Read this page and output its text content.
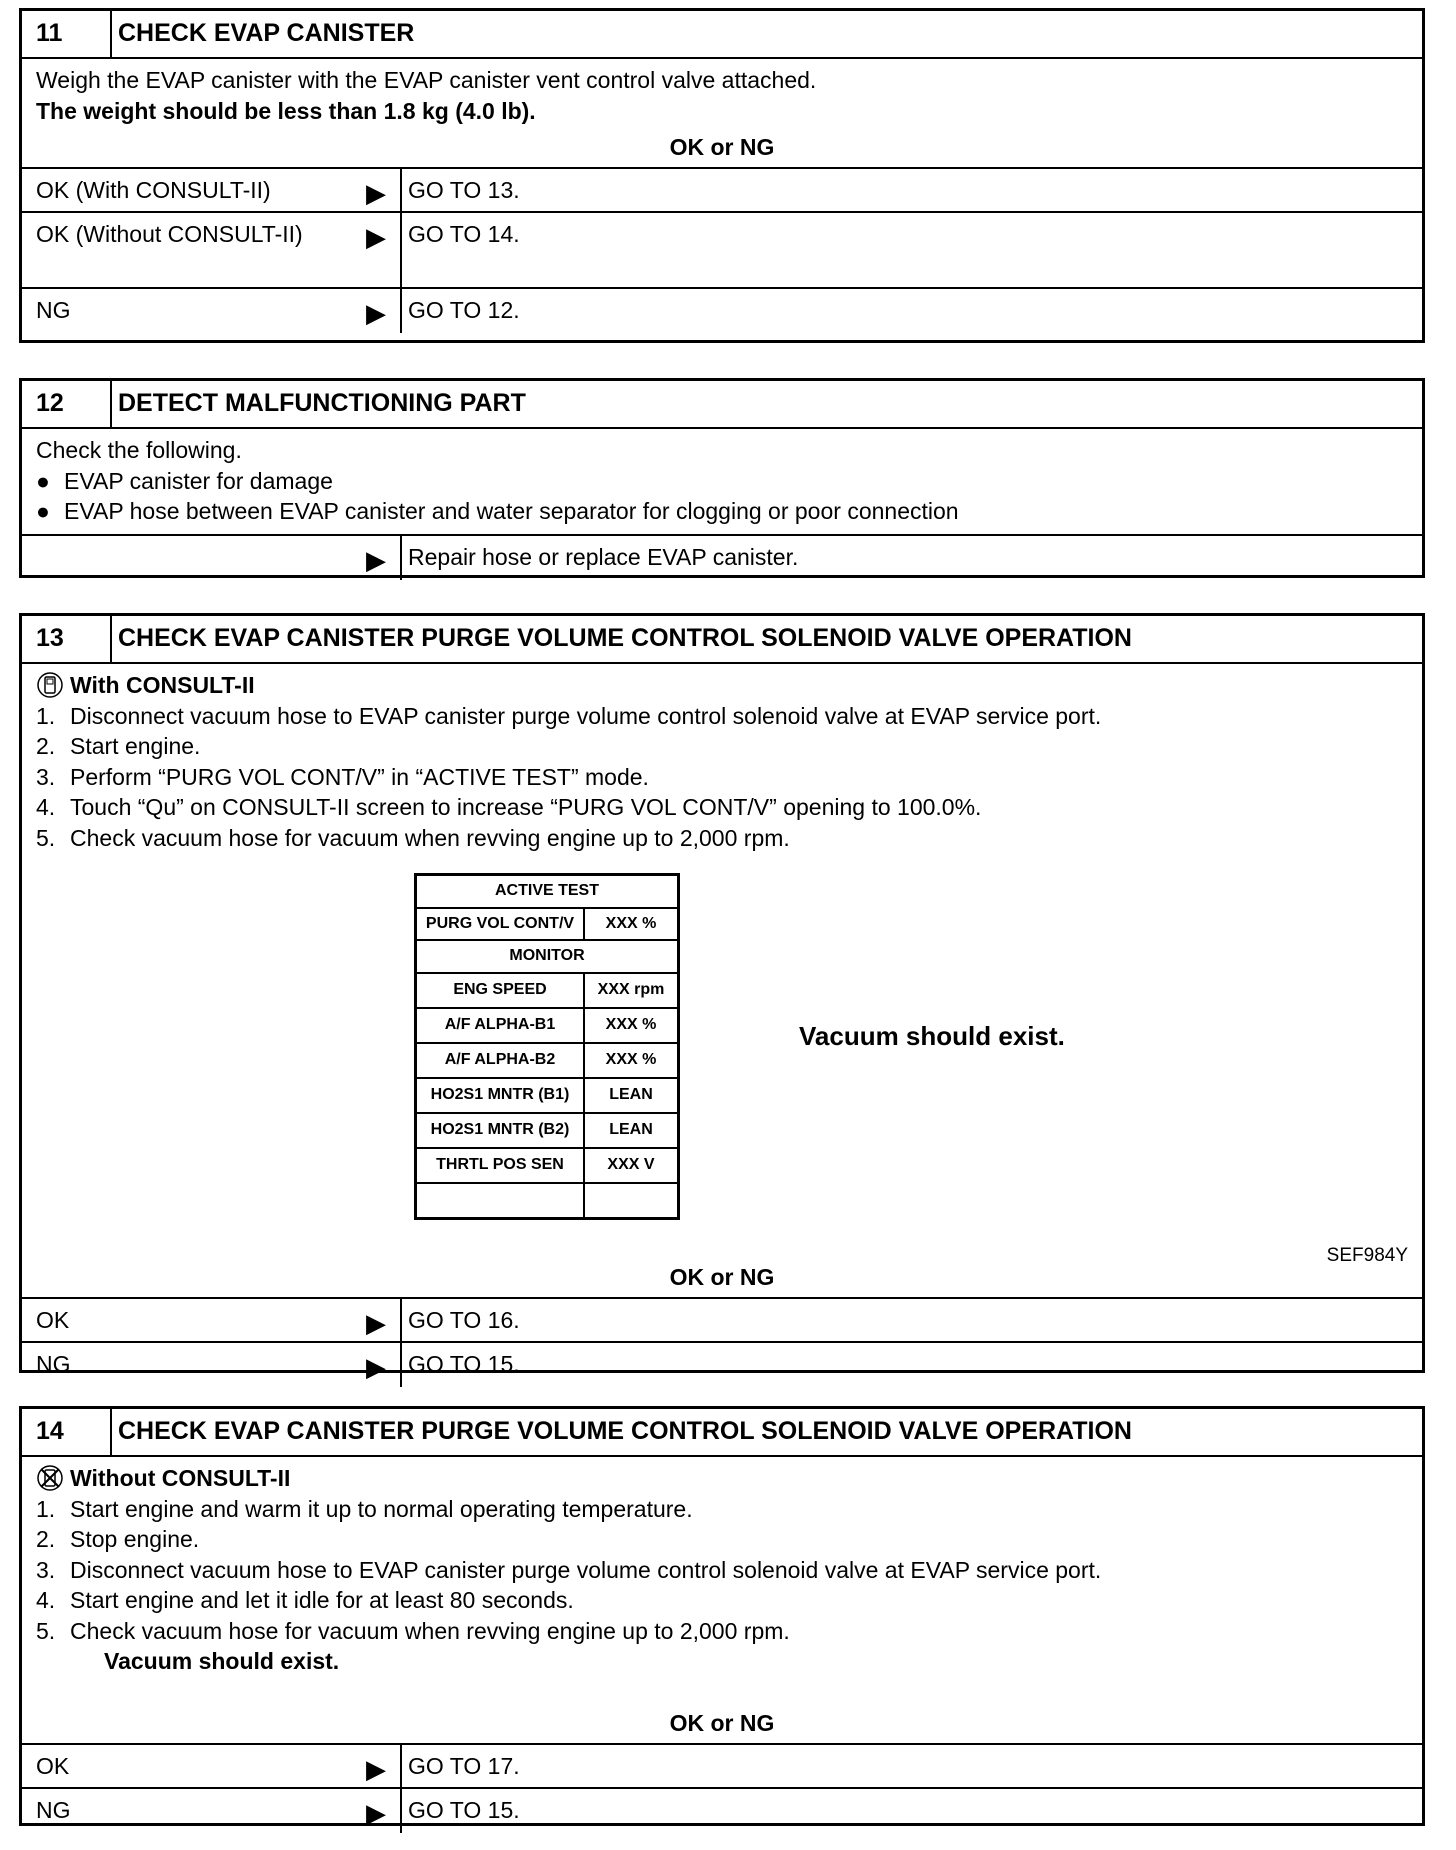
11	CHECK EVAP CANISTER
Weigh the EVAP canister with the EVAP canister vent control valve attached.
The weight should be less than 1.8 kg (4.0 lb).
OK or NG
OK (With CONSULT-II)	▶ GO TO 13.
OK (Without CONSULT-II)	▶ GO TO 14.
NG	▶ GO TO 12.
12	DETECT MALFUNCTIONING PART
Check the following.
● EVAP canister for damage
● EVAP hose between EVAP canister and water separator for clogging or poor connection
▶ Repair hose or replace EVAP canister.
13	CHECK EVAP CANISTER PURGE VOLUME CONTROL SOLENOID VALVE OPERATION
With CONSULT-II
1. Disconnect vacuum hose to EVAP canister purge volume control solenoid valve at EVAP service port.
2. Start engine.
3. Perform “PURG VOL CONT/V” in “ACTIVE TEST” mode.
4. Touch “Qu” on CONSULT-II screen to increase “PURG VOL CONT/V” opening to 100.0%.
5. Check vacuum hose for vacuum when revving engine up to 2,000 rpm.
ACTIVE TEST	
PURG VOL CONT/V	XXX %
MONITOR	
ENG SPEED	XXX rpm
A/F ALPHA-B1	XXX %
A/F ALPHA-B2	XXX %
HO2S1 MNTR (B1)	LEAN
HO2S1 MNTR (B2)	LEAN
THRTL POS SEN	XXX V

Vacuum should exist.
SEF984Y
OK or NG
OK	▶ GO TO 16.
NG	▶ GO TO 15.
14	CHECK EVAP CANISTER PURGE VOLUME CONTROL SOLENOID VALVE OPERATION
Without CONSULT-II
1. Start engine and warm it up to normal operating temperature.
2. Stop engine.
3. Disconnect vacuum hose to EVAP canister purge volume control solenoid valve at EVAP service port.
4. Start engine and let it idle for at least 80 seconds.
5. Check vacuum hose for vacuum when revving engine up to 2,000 rpm.
Vacuum should exist.
OK or NG
OK	▶ GO TO 17.
NG	▶ GO TO 15.
